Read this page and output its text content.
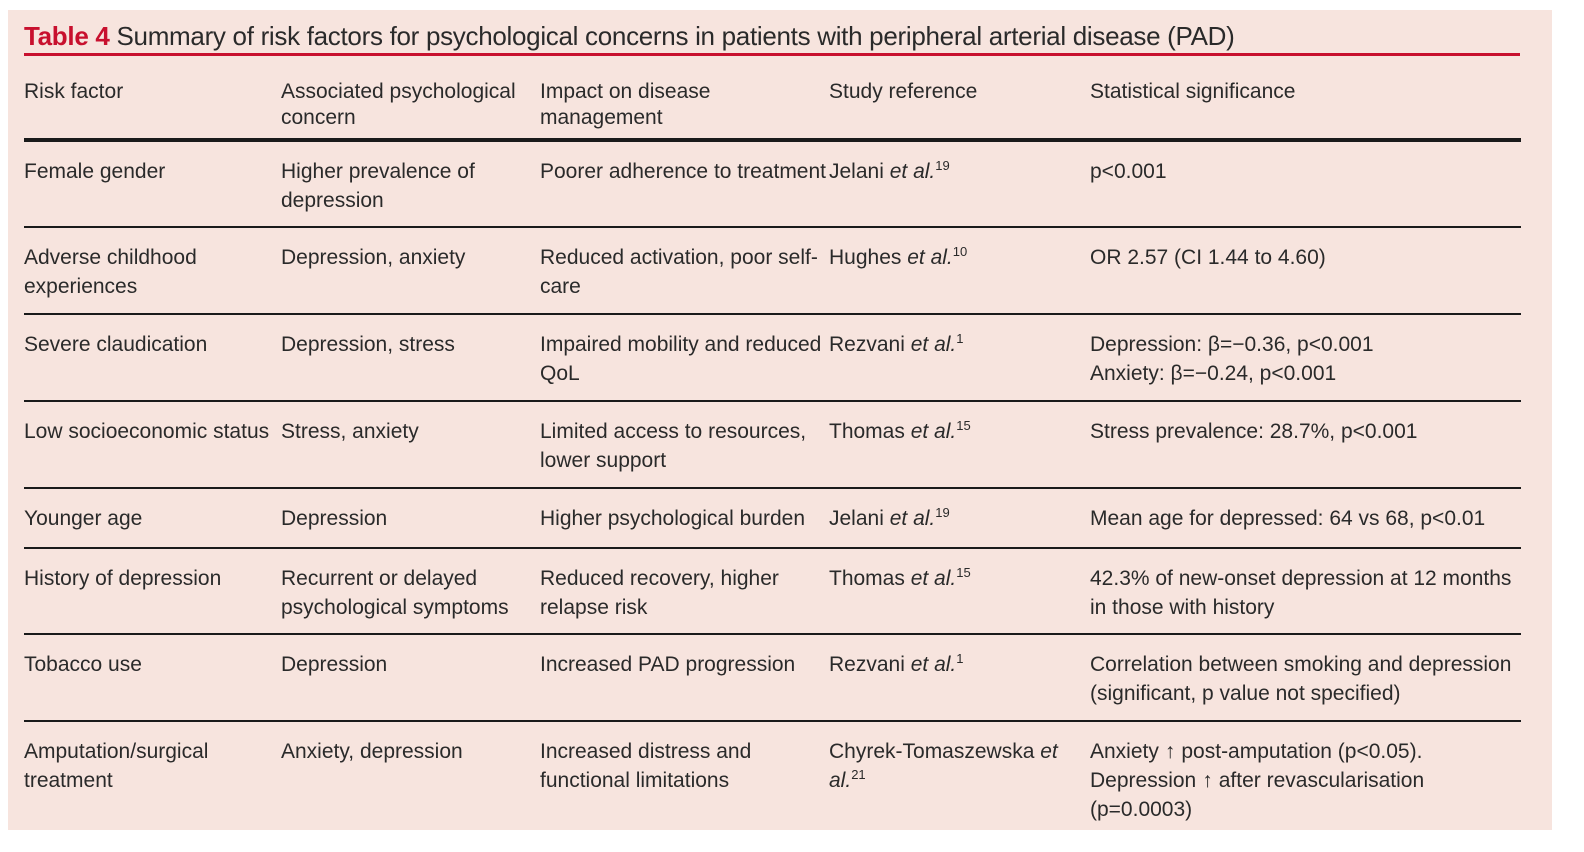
Table 4 Summary of risk factors for psychological concerns in patients with peripheral arterial disease (PAD)
Risk factor	Associated psychological concern	Impact on disease management	Study reference	Statistical significance
Female gender	Higher prevalence of depression	Poorer adherence to treatment	Jelani et al.$^{19}$	p<0.001

Adverse childhood experiences	Depression, anxiety	Reduced activation, poor self-care	Hughes et al.$^{10}$	OR 2.57 (CI 1.44 to 4.60)

Severe claudication	Depression, stress	Impaired mobility and reduced QoL	Rezvani et al.$^1$	Depression: β=−0.36, p<0.001
Anxiety: β=−0.24, p<0.001

Low socioeconomic status	Stress, anxiety	Limited access to resources, lower support	Thomas et al.$^{15}$	Stress prevalence: 28.7%, p<0.001

Younger age	Depression	Higher psychological burden	Jelani et al.$^{19}$	Mean age for depressed: 64 vs 68, p<0.01

History of depression	Recurrent or delayed psychological symptoms	Reduced recovery, higher relapse risk	Thomas et al.$^{15}$	42.3% of new-onset depression at 12 months in those with history

Tobacco use	Depression	Increased PAD progression	Rezvani et al.$^1$	Correlation between smoking and depression (significant, p value not specified)

Amputation/surgical treatment	Anxiety, depression	Increased distress and functional limitations	Chyrek-Tomaszewska et al.$^{21}$	Anxiety ↑ post-amputation (p<0.05).
Depression ↑ after revascularisation (p=0.0003)
